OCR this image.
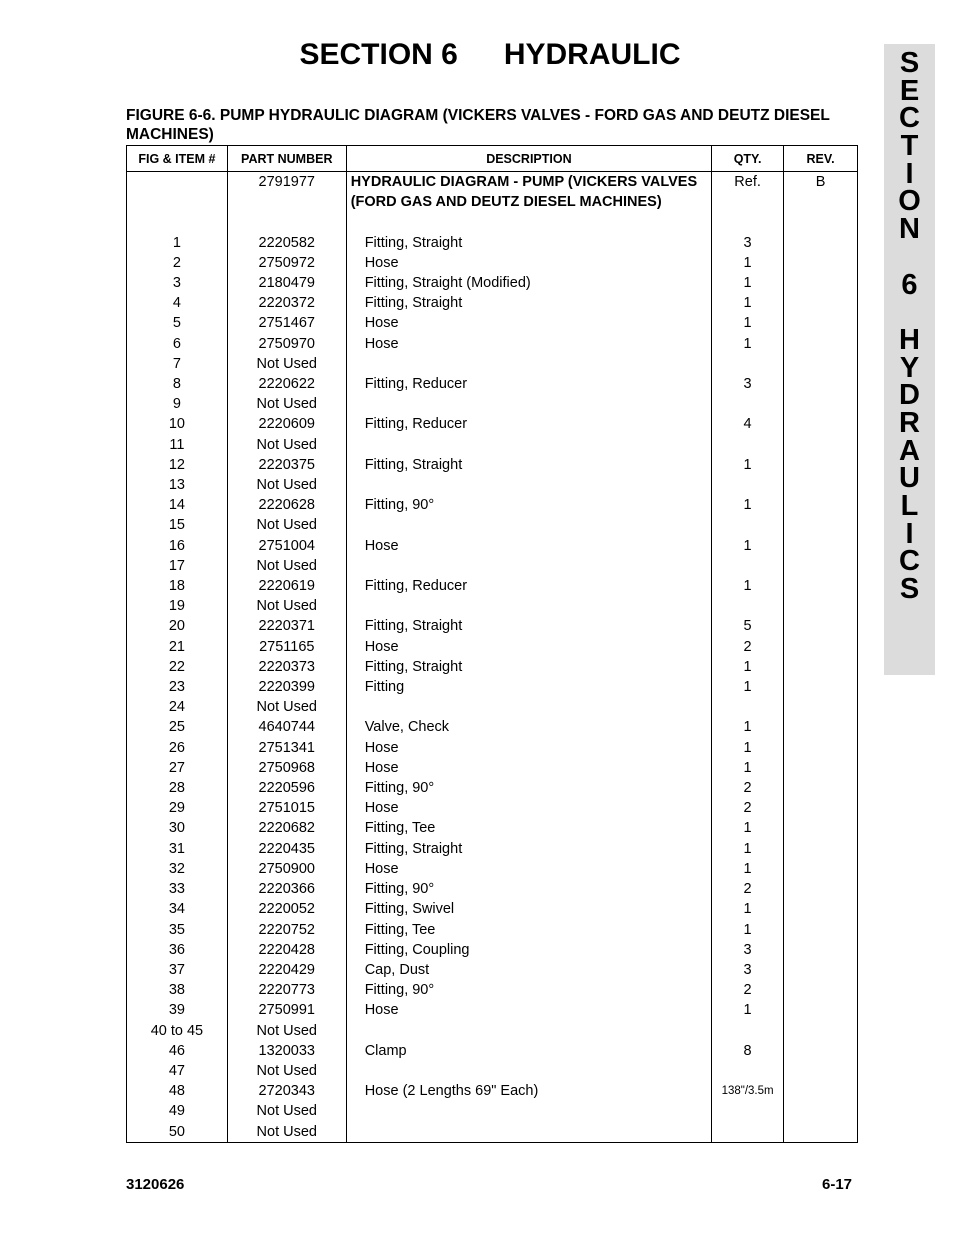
SECTION 6 HYDRAULIC	S
E
C
T
I
O
N
6
H
Y
D
R
A
U
L
I
C
S
FIGURE 6-6. PUMP HYDRAULIC DIAGRAM (VICKERS VALVES - FORD GAS AND DEUTZ DIESEL MACHINES)
FIG & ITEM #	PART NUMBER	DESCRIPTION	QTY.	REV.
	2791977	HYDRAULIC DIAGRAM - PUMP (VICKERS VALVES	Ref.	B

		(FORD GAS AND DEUTZ DIESEL MACHINES)		

1	2220582	Fitting, Straight	3	
2	2750972	Hose	1	
3	2180479	Fitting, Straight (Modified)	1	
4	2220372	Fitting, Straight	1	
5	2751467	Hose	1	
6	2750970	Hose	1	
7	Not Used	

8	2220622	Fitting, Reducer	3	
9	Not Used	

10	2220609	Fitting, Reducer	4	
11	Not Used	

12	2220375	Fitting, Straight	1	
13	Not Used	

14	2220628	Fitting, 90°	1	
15	Not Used	

16	2751004	Hose	1	
17	Not Used	

18	2220619	Fitting, Reducer	1	
19	Not Used	

20	2220371	Fitting, Straight	5	
21	2751165	Hose	2	
22	2220373	Fitting, Straight	1	
23	2220399	Fitting	1	
24	Not Used	

25	4640744	Valve, Check	1	
26	2751341	Hose	1	
27	2750968	Hose	1	
28	2220596	Fitting, 90°	2	
29	2751015	Hose	2	
30	2220682	Fitting, Tee	1	
31	2220435	Fitting, Straight	1	
32	2750900	Hose	1	
33	2220366	Fitting, 90°	2	
34	2220052	Fitting, Swivel	1	
35	2220752	Fitting, Tee	1	
36	2220428	Fitting, Coupling	3	
37	2220429	Cap, Dust	3	
38	2220773	Fitting, 90°	2	
39	2750991	Hose	1	
40 to 45	Not Used	

46	1320033	Clamp	8	
47	Not Used	

48	2720343	Hose (2 Lengths 69" Each)	138"/3.5m	
49	Not Used	

50	Not Used	

3120626	6-17
